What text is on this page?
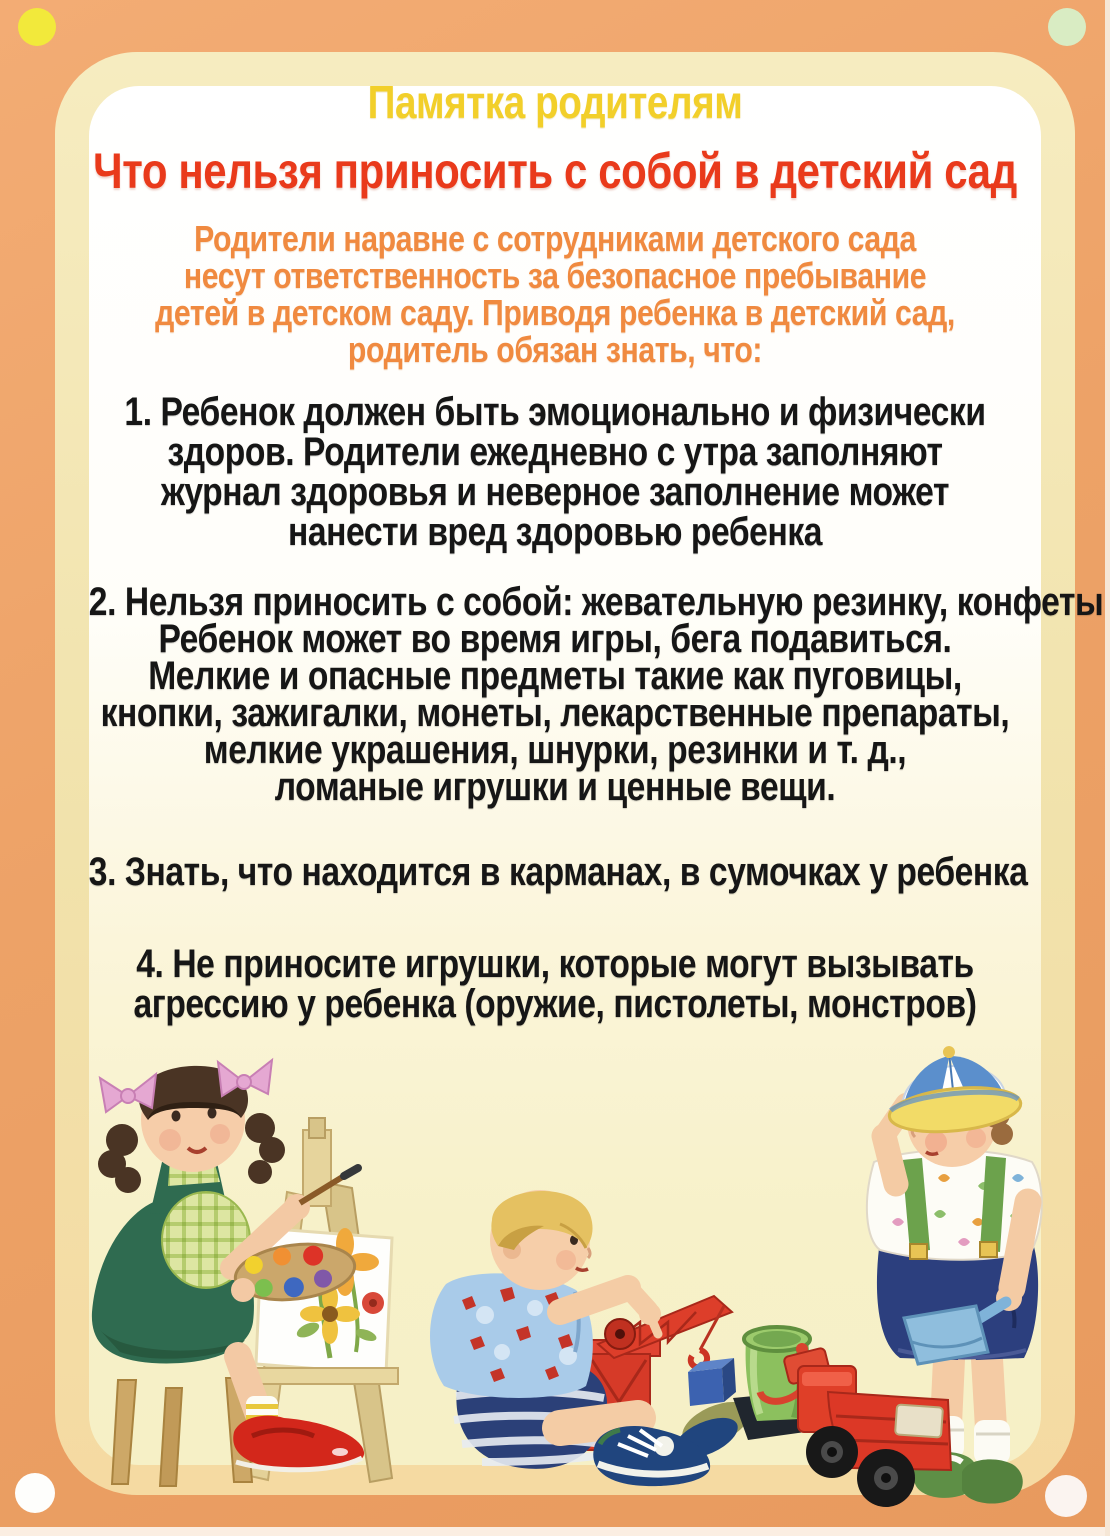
Памятка родителям
Что нельзя приносить с собой в детский сад
Родители наравне с сотрудниками детского сада
несут ответственность за безопасное пребывание
детей в детском саду. Приводя ребенка в детский сад,
родитель обязан знать, что:
1. Ребенок должен быть эмоционально и физически
здоров. Родители ежедневно с утра заполняют
журнал здоровья и неверное заполнение может
нанести вред здоровью ребенка
2. Нельзя приносить с собой: жевательную резинку, конфеты
Ребенок может во время игры, бега подавиться.
Мелкие и опасные предметы такие как пуговицы,
кнопки, зажигалки, монеты, лекарственные препараты,
мелкие украшения, шнурки, резинки и т. д.,
ломаные игрушки и ценные вещи.
3. Знать, что находится в карманах, в сумочках у ребенка
4. Не приносите игрушки, которые могут вызывать
агрессию у ребенка (оружие, пистолеты, монстров)
